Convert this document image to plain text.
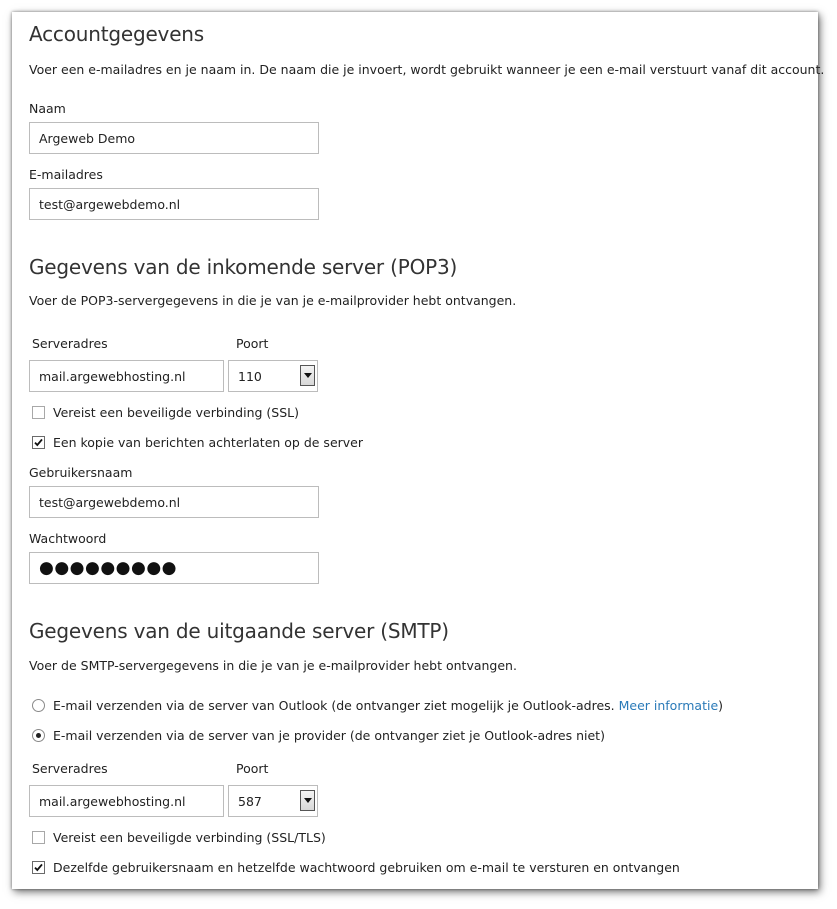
Accountgegevens
Voer een e-mailadres en je naam in. De naam die je invoert, wordt gebruikt wanneer je een e-mail verstuurt vanaf dit account.
Naam
Argeweb Demo
E-mailadres
test@argewebdemo.nl
Gegevens van de inkomende server (POP3)
Voer de POP3-servergegevens in die je van je e-mailprovider hebt ontvangen.
Serveradres	Poort
mail.argewebhosting.nl	110
Vereist een beveiligde verbinding (SSL)
Een kopie van berichten achterlaten op de server
Gebruikersnaam
test@argewebdemo.nl
Wachtwoord
●●●●●●●●●
Gegevens van de uitgaande server (SMTP)
Voer de SMTP-servergegevens in die je van je e-mailprovider hebt ontvangen.
E-mail verzenden via de server van Outlook (de ontvanger ziet mogelijk je Outlook-adres. Meer informatie)
E-mail verzenden via de server van je provider (de ontvanger ziet je Outlook-adres niet)
Serveradres	Poort
mail.argewebhosting.nl	587
Vereist een beveiligde verbinding (SSL/TLS)
Dezelfde gebruikersnaam en hetzelfde wachtwoord gebruiken om e-mail te versturen en ontvangen
